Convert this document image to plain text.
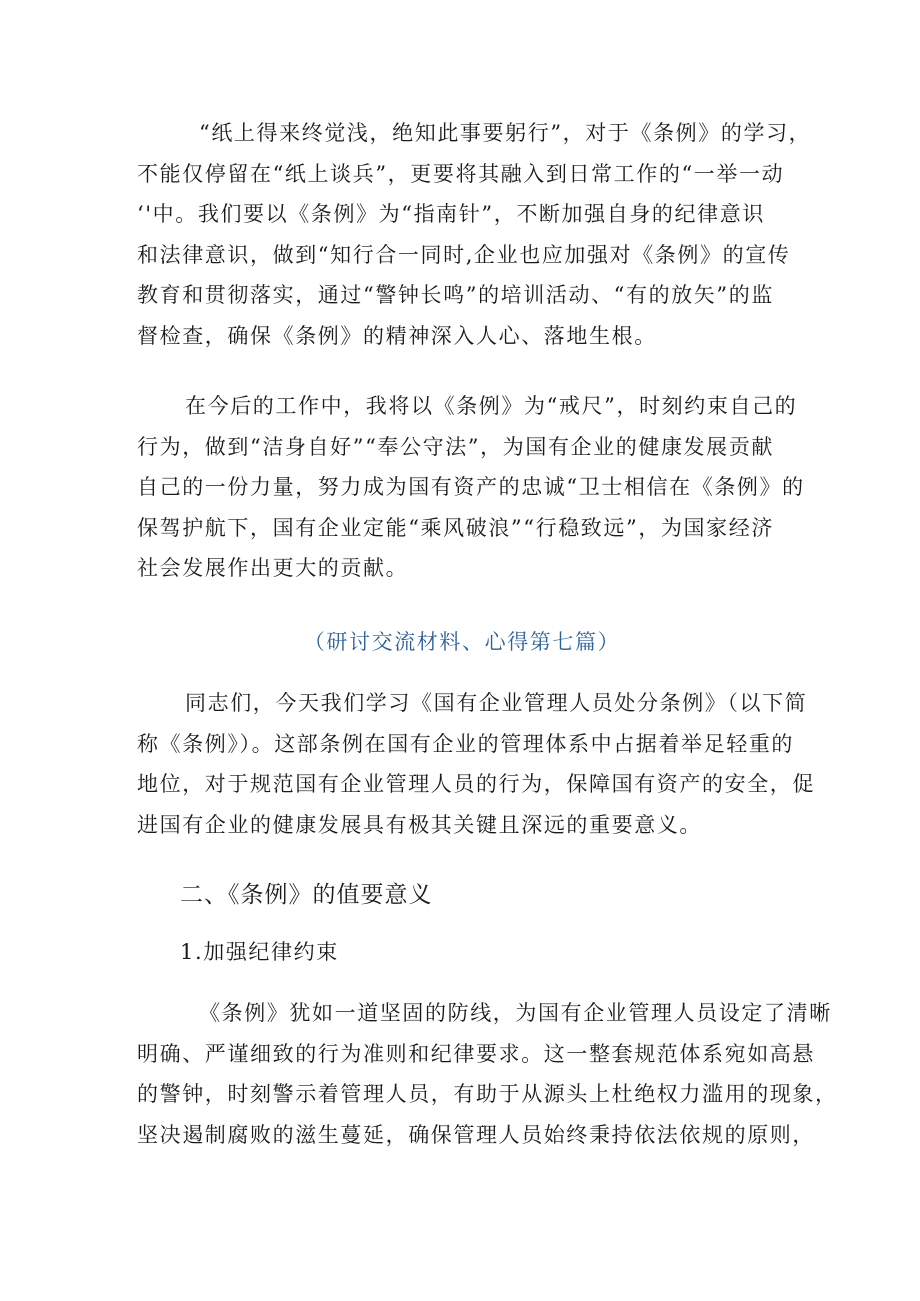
“纸上得来终觉浅，绝知此事要躬行”，对于《条例》的学习，
不能仅停留在“纸上谈兵”，更要将其融入到日常工作的“一举一动
‘'中。我们要以《条例》为“指南针”，不断加强自身的纪律意识
和法律意识，做到“知行合一同时,企业也应加强对《条例》的宣传
教育和贯彻落实，通过“警钟长鸣”的培训活动、“有的放矢”的监
督检查，确保《条例》的精神深入人心、落地生根。
在今后的工作中，我将以《条例》为“戒尺”，时刻约束自己的
行为，做到“洁身自好”“奉公守法”，为国有企业的健康发展贡献
自己的一份力量，努力成为国有资产的忠诚“卫士相信在《条例》的
保驾护航下，国有企业定能“乘风破浪”“行稳致远”，为国家经济
社会发展作出更大的贡献。
（研讨交流材料、心得第七篇）
同志们，今天我们学习《国有企业管理人员处分条例》（以下简
称《条例》）。这部条例在国有企业的管理体系中占据着举足轻重的
地位，对于规范国有企业管理人员的行为，保障国有资产的安全，促
进国有企业的健康发展具有极其关键且深远的重要意义。
二、《条例》的值要意义
1.加强纪律约束
《条例》犹如一道坚固的防线，为国有企业管理人员设定了清晰
明确、严谨细致的行为准则和纪律要求。这一整套规范体系宛如高悬
的警钟，时刻警示着管理人员，有助于从源头上杜绝权力滥用的现象，
坚决遏制腐败的滋生蔓延，确保管理人员始终秉持依法依规的原则，
